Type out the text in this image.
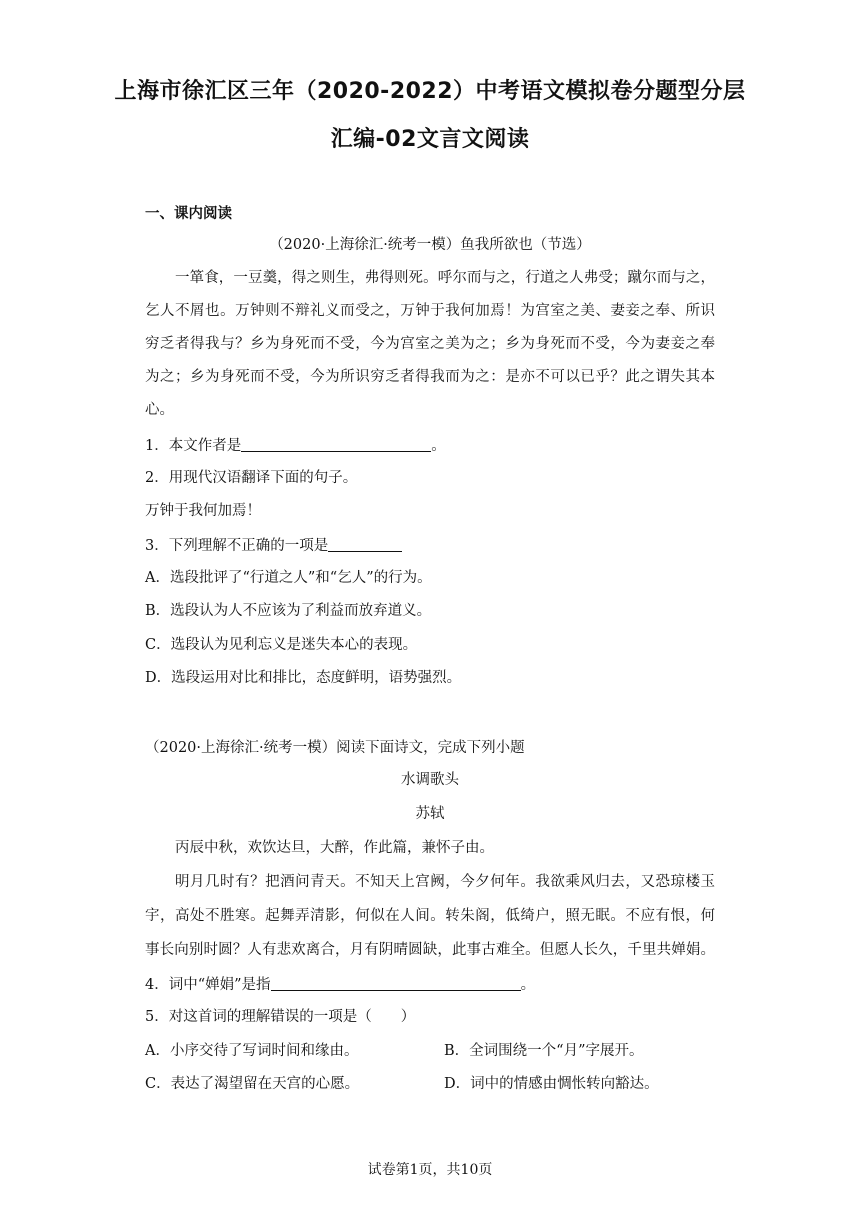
上海市徐汇区三年（2020-2022）中考语文模拟卷分题型分层
汇编-02文言文阅读
一、课内阅读
（2020·上海徐汇·统考一模）鱼我所欲也（节选）
一箪食，一豆羹，得之则生，弗得则死。呼尔而与之，行道之人弗受；蹴尔而与之，
乞人不屑也。万钟则不辩礼义而受之，万钟于我何加焉！为宫室之美、妻妾之奉、所识
穷乏者得我与？乡为身死而不受，今为宫室之美为之；乡为身死而不受，今为妻妾之奉
为之；乡为身死而不受，今为所识穷乏者得我而为之：是亦不可以已乎？此之谓失其本
心。
1．本文作者是	。
2．用现代汉语翻译下面的句子。
万钟于我何加焉！
3．下列理解不正确的一项是
A．选段批评了“行道之人”和“乞人”的行为。
B．选段认为人不应该为了利益而放弃道义。
C．选段认为见利忘义是迷失本心的表现。
D．选段运用对比和排比，态度鲜明，语势强烈。
（2020·上海徐汇·统考一模）阅读下面诗文，完成下列小题
水调歌头
苏轼
丙辰中秋，欢饮达旦，大醉，作此篇，兼怀子由。
明月几时有？把酒问青天。不知天上宫阙，今夕何年。我欲乘风归去，又恐琼楼玉
宇，高处不胜寒。起舞弄清影，何似在人间。转朱阁，低绮户，照无眠。不应有恨，何
事长向别时圆？人有悲欢离合，月有阴晴圆缺，此事古难全。但愿人长久，千里共婵娟。
4．词中“婵娟”是指	。
5．对这首词的理解错误的一项是（　　）
A．小序交待了写词时间和缘由。	B．全词围绕一个“月”字展开。
C．表达了渴望留在天宫的心愿。	D．词中的情感由惆怅转向豁达。
试卷第1页，共10页
